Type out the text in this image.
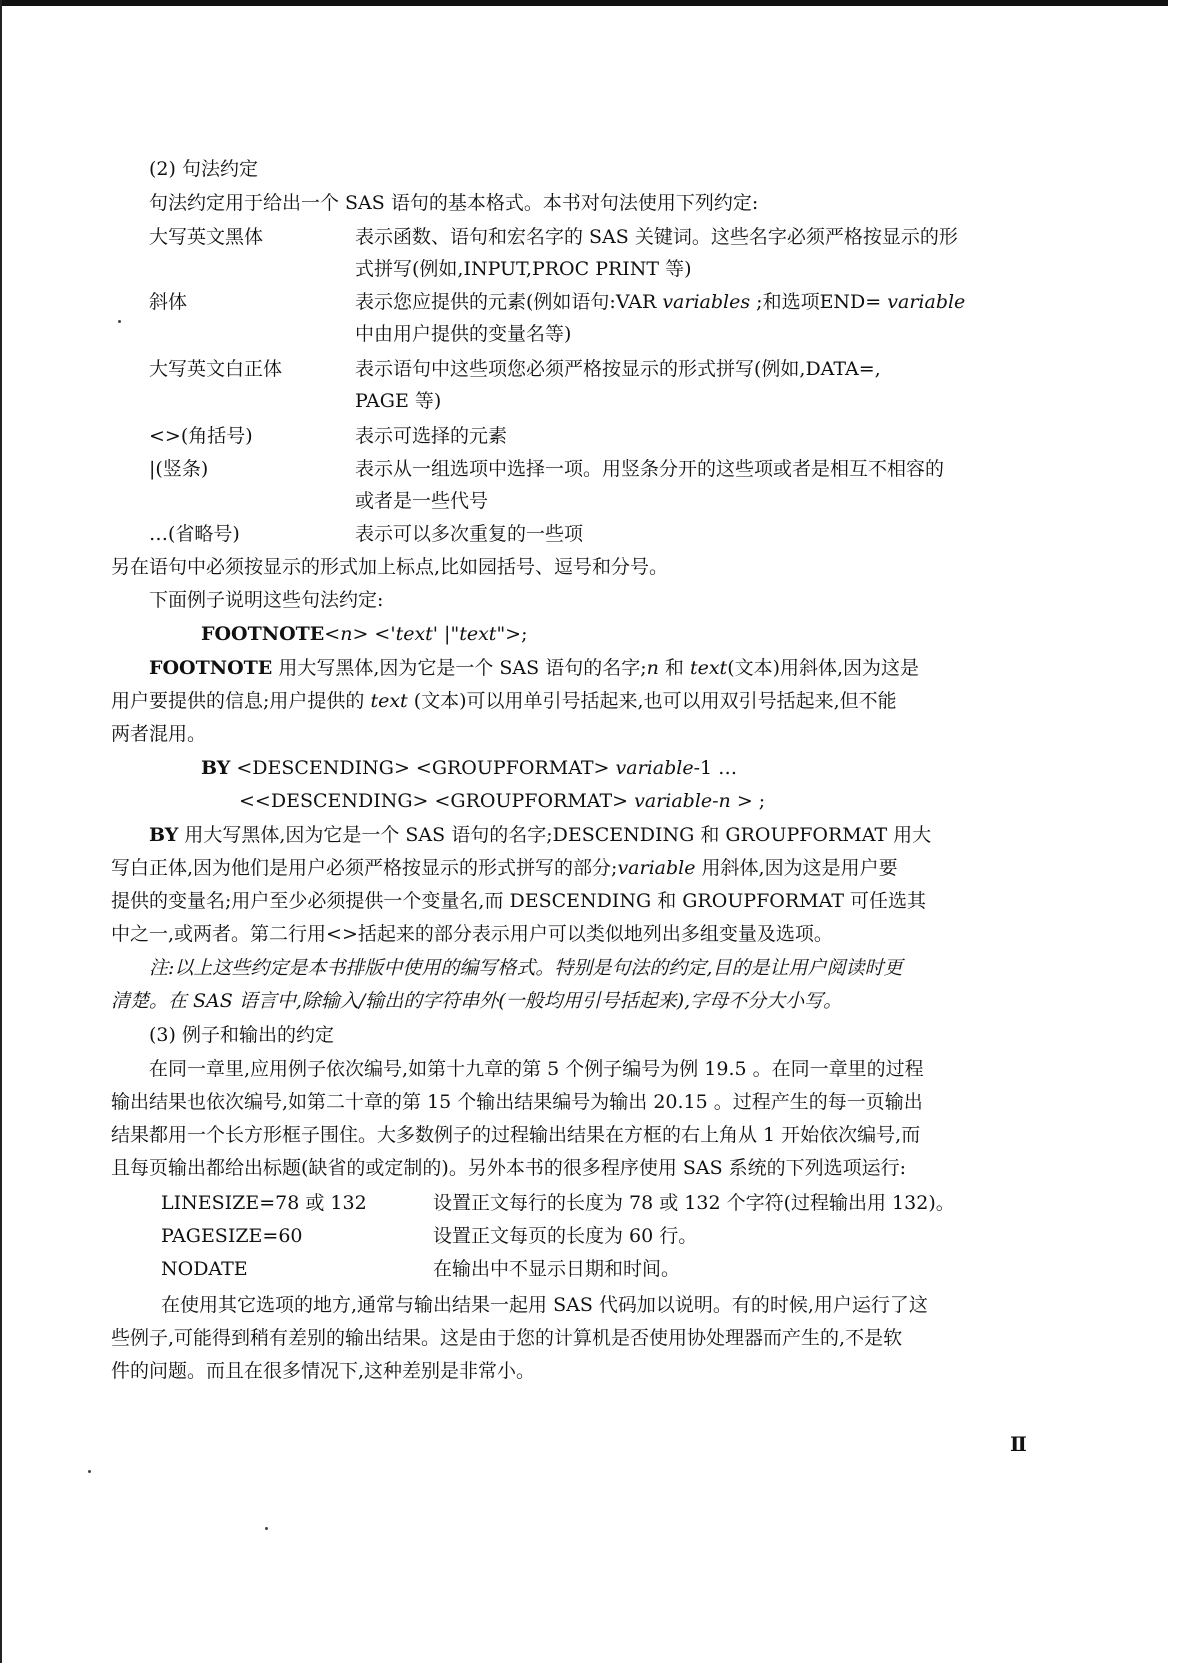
(2) 句法约定
句法约定用于给出一个 SAS 语句的基本格式。本书对句法使用下列约定:
大写英文黑体	表示函数、语句和宏名字的 SAS 关键词。这些名字必须严格按显示的形
式拼写(例如,INPUT,PROC PRINT 等)
斜体	表示您应提供的元素(例如语句:VAR variables ;和选项END= variable
中由用户提供的变量名等)
大写英文白正体	表示语句中这些项您必须严格按显示的形式拼写(例如,DATA=,
PAGE 等)
<>(角括号)	表示可选择的元素
|(竖条)	表示从一组选项中选择一项。用竖条分开的这些项或者是相互不相容的
或者是一些代号
…(省略号)	表示可以多次重复的一些项
另在语句中必须按显示的形式加上标点,比如园括号、逗号和分号。
下面例子说明这些句法约定:
FOOTNOTE<n> <'text' |"text">;
FOOTNOTE 用大写黑体,因为它是一个 SAS 语句的名字;n 和 text(文本)用斜体,因为这是
用户要提供的信息;用户提供的 text (文本)可以用单引号括起来,也可以用双引号括起来,但不能
两者混用。
BY <DESCENDING> <GROUPFORMAT> variable-1 …
<<DESCENDING> <GROUPFORMAT> variable-n > ;
BY 用大写黑体,因为它是一个 SAS 语句的名字;DESCENDING 和 GROUPFORMAT 用大
写白正体,因为他们是用户必须严格按显示的形式拼写的部分;variable 用斜体,因为这是用户要
提供的变量名;用户至少必须提供一个变量名,而 DESCENDING 和 GROUPFORMAT 可任选其
中之一,或两者。第二行用<>括起来的部分表示用户可以类似地列出多组变量及选项。
注:以上这些约定是本书排版中使用的编写格式。特别是句法的约定,目的是让用户阅读时更
清楚。在 SAS 语言中,除输入/输出的字符串外(一般均用引号括起来),字母不分大小写。
(3) 例子和输出的约定
在同一章里,应用例子依次编号,如第十九章的第 5 个例子编号为例 19.5 。在同一章里的过程
输出结果也依次编号,如第二十章的第 15 个输出结果编号为输出 20.15 。过程产生的每一页输出
结果都用一个长方形框子围住。大多数例子的过程输出结果在方框的右上角从 1 开始依次编号,而
且每页输出都给出标题(缺省的或定制的)。另外本书的很多程序使用 SAS 系统的下列选项运行:
LINESIZE=78 或 132	设置正文每行的长度为 78 或 132 个字符(过程输出用 132)。
PAGESIZE=60	设置正文每页的长度为 60 行。
NODATE	在输出中不显示日期和时间。
在使用其它选项的地方,通常与输出结果一起用 SAS 代码加以说明。有的时候,用户运行了这
些例子,可能得到稍有差别的输出结果。这是由于您的计算机是否使用协处理器而产生的,不是软
件的问题。而且在很多情况下,这种差别是非常小。
Ⅱ
